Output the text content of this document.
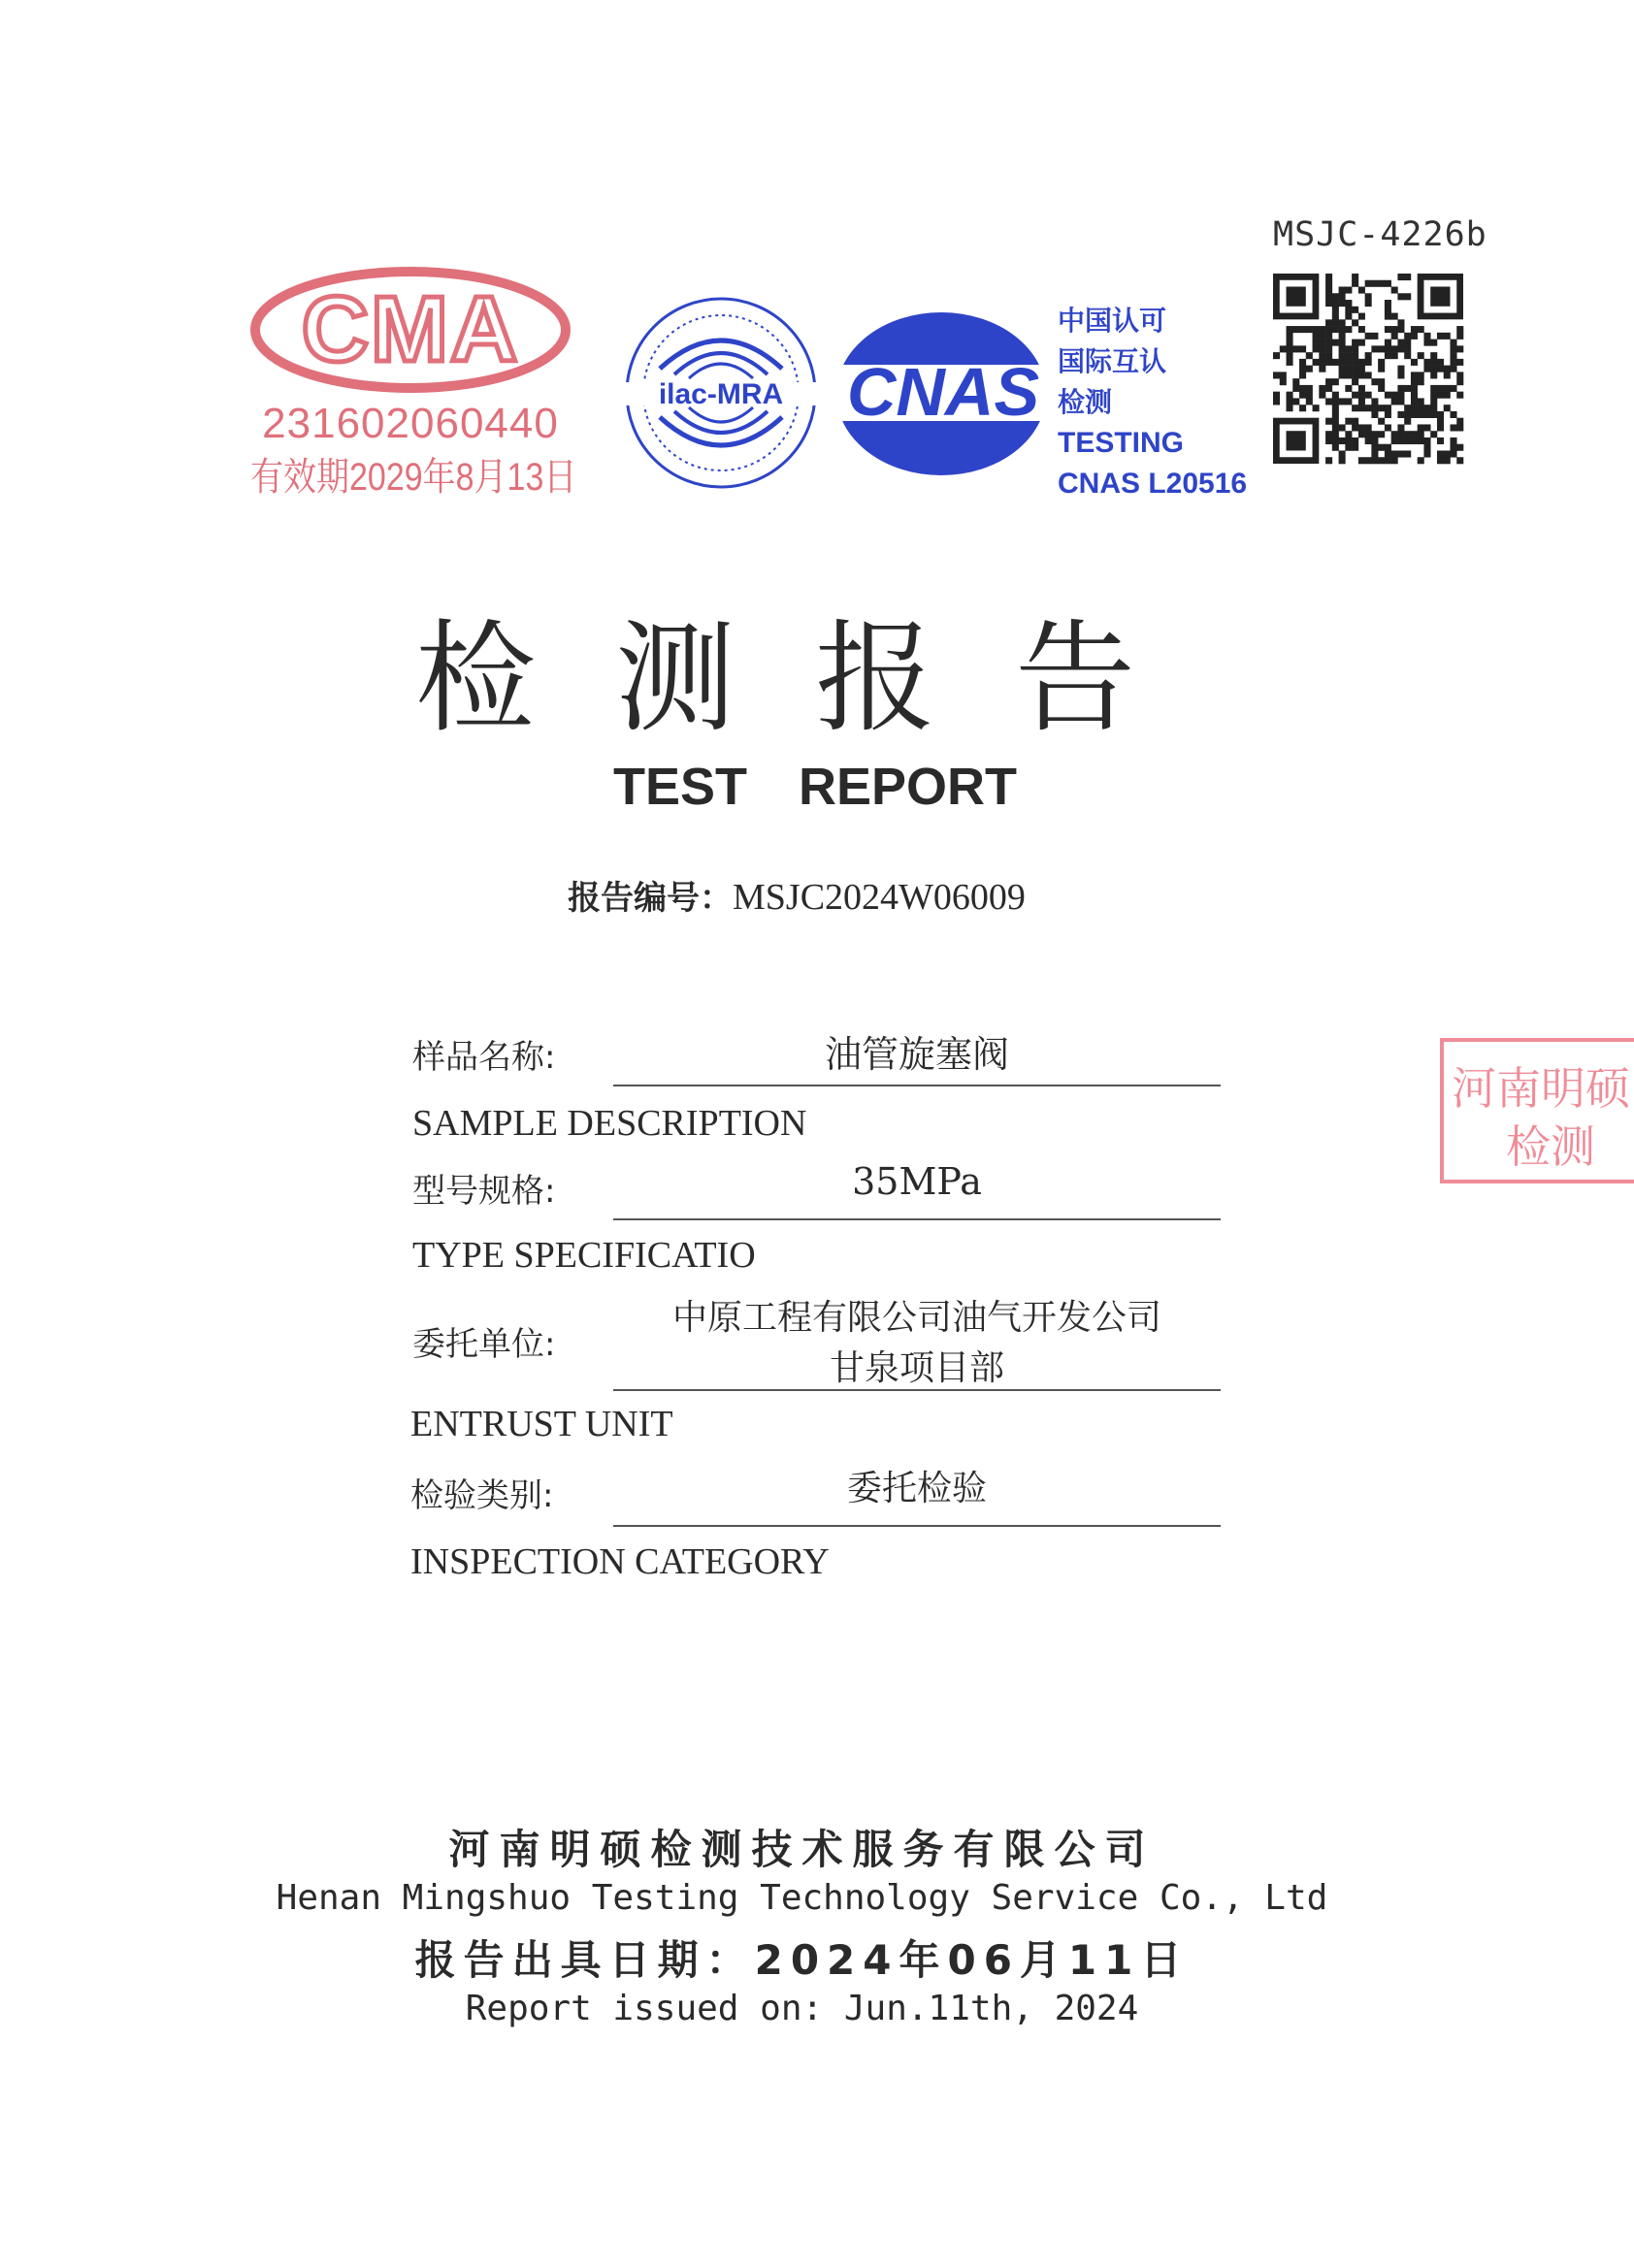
MSJC-4226b
CMA
231602060440
有效期2029年8月13日
ilac-MRA CNAS
中国认可
国际互认
检测
TESTING
CNAS L20516
检测报告
TEST REPORT
报告编号：MSJC2024W06009
样品名称:	油管旋塞阀
SAMPLE DESCRIPTION
型号规格:	35MPa
TYPE SPECIFICATIO
委托单位:
中原工程有限公司油气开发公司
甘泉项目部
ENTRUST UNIT
检验类别:	委托检验
INSPECTION CATEGORY
河南明硕
检测
河南明硕检测技术服务有限公司
Henan Mingshuo Testing Technology Service Co., Ltd
报告出具日期：2024年06月11日
Report issued on: Jun.11th, 2024
